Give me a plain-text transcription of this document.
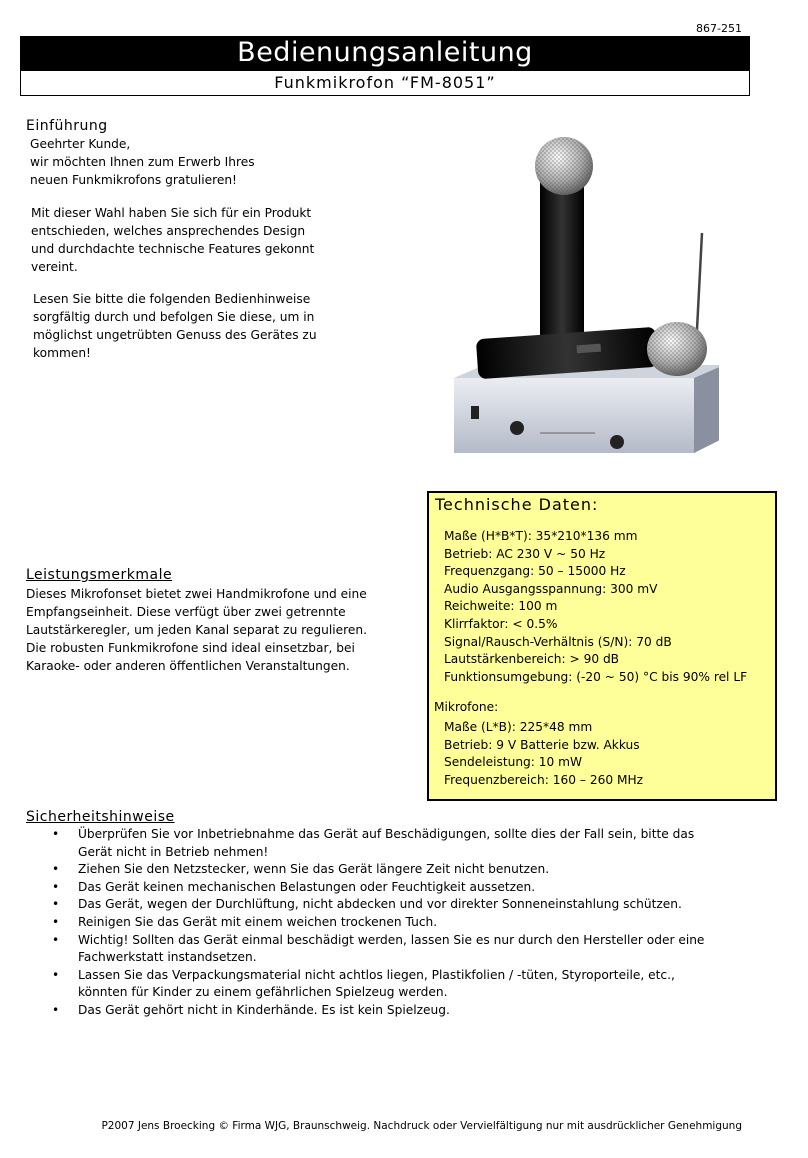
867-251
Bedienungsanleitung
Funkmikrofon “FM-8051”
Einführung
Geehrter Kunde,
wir möchten Ihnen zum Erwerb Ihres
neuen Funkmikrofons gratulieren!
Mit dieser Wahl haben Sie sich für ein Produkt
entschieden, welches ansprechendes Design
und durchdachte technische Features gekonnt
vereint.
Lesen Sie bitte die folgenden Bedienhinweise
sorgfältig durch und befolgen Sie diese, um in
möglichst ungetrübten Genuss des Gerätes zu
kommen!
Leistungsmerkmale
Dieses Mikrofonset bietet zwei Handmikrofone und eine
Empfangseinheit. Diese verfügt über zwei getrennte
Lautstärkeregler, um jeden Kanal separat zu regulieren.
Die robusten Funkmikrofone sind ideal einsetzbar, bei
Karaoke- oder anderen öffentlichen Veranstaltungen.
Technische Daten:
Maße (H*B*T): 35*210*136 mm
Betrieb: AC 230 V ~ 50 Hz
Frequenzgang: 50 – 15000 Hz
Audio Ausgangsspannung: 300 mV
Reichweite: 100 m
Klirrfaktor: < 0.5%
Signal/Rausch-Verhältnis (S/N): 70 dB
Lautstärkenbereich: > 90 dB
Funktionsumgebung: (-20 ~ 50) °C bis 90% rel LF
Mikrofone:
Maße (L*B): 225*48 mm
Betrieb: 9 V Batterie bzw. Akkus
Sendeleistung: 10 mW
Frequenzbereich: 160 – 260 MHz
Sicherheitshinweise
• Überprüfen Sie vor Inbetriebnahme das Gerät auf Beschädigungen, sollte dies der Fall sein, bitte das
Gerät nicht in Betrieb nehmen!
• Ziehen Sie den Netzstecker, wenn Sie das Gerät längere Zeit nicht benutzen.
• Das Gerät keinen mechanischen Belastungen oder Feuchtigkeit aussetzen.
• Das Gerät, wegen der Durchlüftung, nicht abdecken und vor direkter Sonneneinstahlung schützen.
• Reinigen Sie das Gerät mit einem weichen trockenen Tuch.
• Wichtig! Sollten das Gerät einmal beschädigt werden, lassen Sie es nur durch den Hersteller oder eine
Fachwerkstatt instandsetzen.
• Lassen Sie das Verpackungsmaterial nicht achtlos liegen, Plastikfolien / -tüten, Styroporteile, etc.,
könnten für Kinder zu einem gefährlichen Spielzeug werden.
• Das Gerät gehört nicht in Kinderhände. Es ist kein Spielzeug.
P2007 Jens Broecking © Firma WJG, Braunschweig. Nachdruck oder Vervielfältigung nur mit ausdrücklicher Genehmigung
